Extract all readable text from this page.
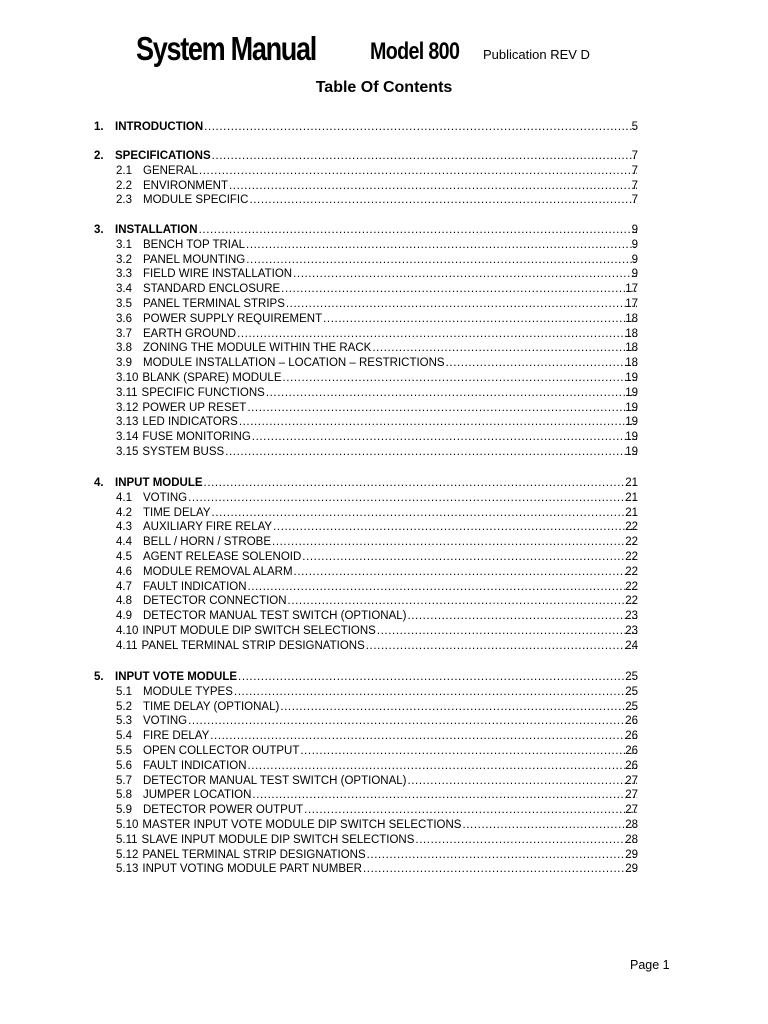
System Manual Model 800 Publication REV D
Table Of Contents
1. INTRODUCTION .....	5
2. SPECIFICATIONS .....	7
2.1 GENERAL .....	7
2.2 ENVIRONMENT .....	7
2.3 MODULE SPECIFIC .....	7
3. INSTALLATION .....	9
3.1 BENCH TOP TRIAL .....	9
3.2 PANEL MOUNTING .....	9
3.3 FIELD WIRE INSTALLATION .....	9
3.4 STANDARD ENCLOSURE .....	17
3.5 PANEL TERMINAL STRIPS .....	17
3.6 POWER SUPPLY REQUIREMENT .....	18
3.7 EARTH GROUND .....	18
3.8 ZONING THE MODULE WITHIN THE RACK .....	18
3.9 MODULE INSTALLATION – LOCATION – RESTRICTIONS .....	18
3.10 BLANK (SPARE) MODULE .....	19
3.11 SPECIFIC FUNCTIONS .....	19
3.12 POWER UP RESET .....	19
3.13 LED INDICATORS .....	19
3.14 FUSE MONITORING .....	19
3.15 SYSTEM BUSS .....	19
4. INPUT MODULE .....	21
4.1 VOTING .....	21
4.2 TIME DELAY .....	21
4.3 AUXILIARY FIRE RELAY .....	22
4.4 BELL / HORN / STROBE .....	22
4.5 AGENT RELEASE SOLENOID .....	22
4.6 MODULE REMOVAL ALARM .....	22
4.7 FAULT INDICATION .....	22
4.8 DETECTOR CONNECTION .....	22
4.9 DETECTOR MANUAL TEST SWITCH (OPTIONAL) .....	23
4.10 INPUT MODULE DIP SWITCH SELECTIONS .....	23
4.11 PANEL TERMINAL STRIP DESIGNATIONS .....	24
5. INPUT VOTE MODULE .....	25
5.1 MODULE TYPES .....	25
5.2 TIME DELAY (OPTIONAL) .....	25
5.3 VOTING .....	26
5.4 FIRE DELAY .....	26
5.5 OPEN COLLECTOR OUTPUT .....	26
5.6 FAULT INDICATION .....	26
5.7 DETECTOR MANUAL TEST SWITCH (OPTIONAL) .....	27
5.8 JUMPER LOCATION .....	27
5.9 DETECTOR POWER OUTPUT .....	27
5.10 MASTER INPUT VOTE MODULE DIP SWITCH SELECTIONS .....	28
5.11 SLAVE INPUT MODULE DIP SWITCH SELECTIONS .....	28
5.12 PANEL TERMINAL STRIP DESIGNATIONS .....	29
5.13 INPUT VOTING MODULE PART NUMBER .....	29
Page 1
